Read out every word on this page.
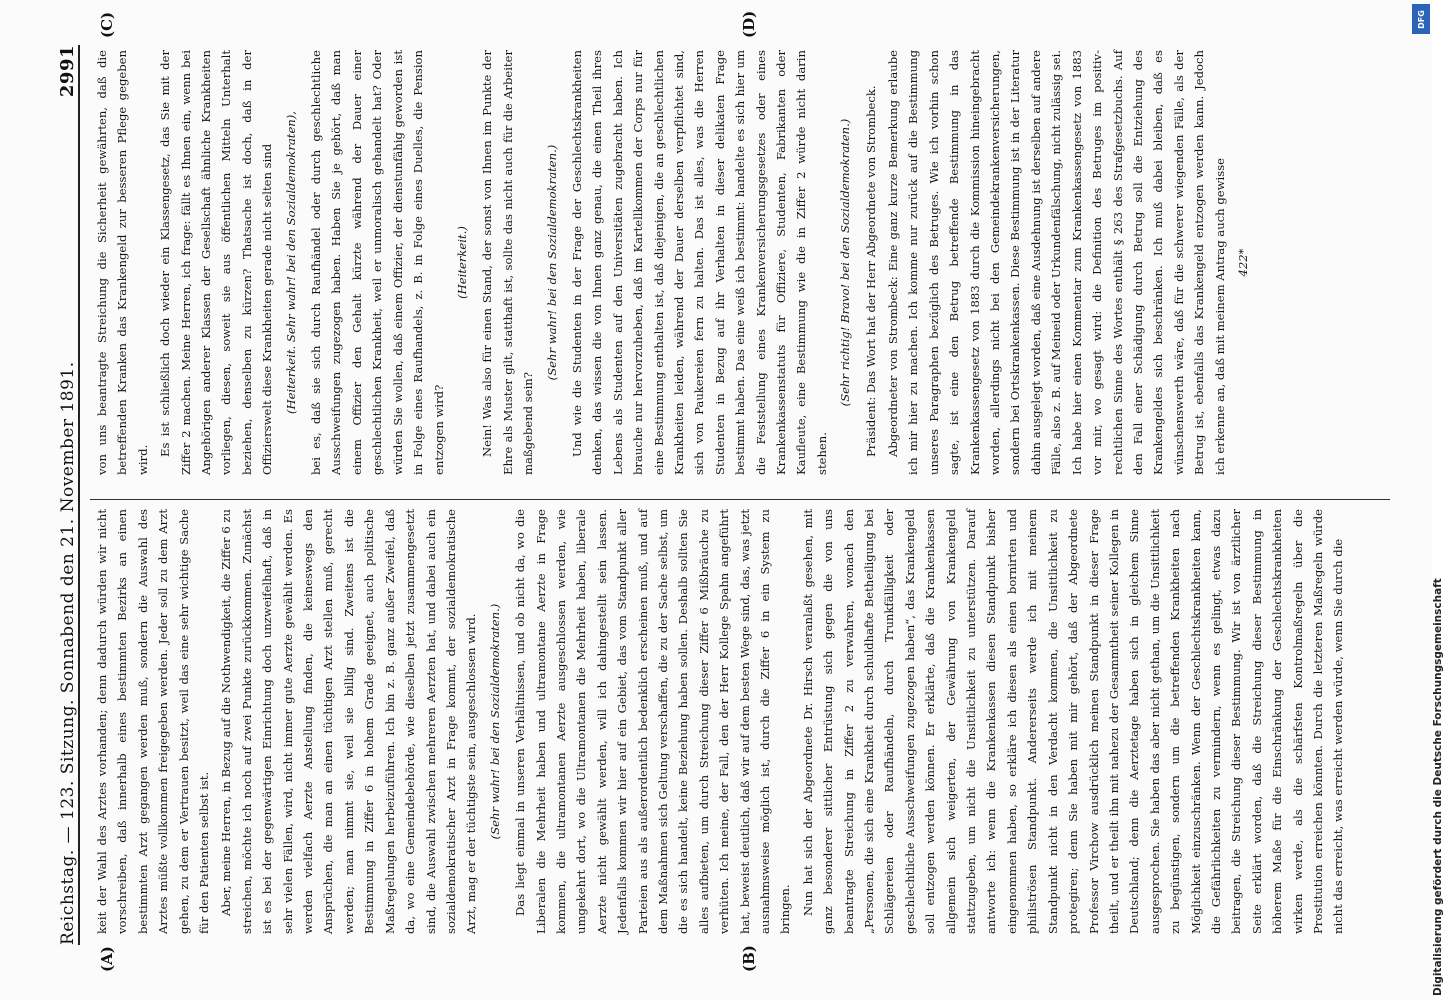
Reichstag. — 123. Sitzung. Sonnabend den 21. November 1891.
2991
(A)	(B)
(C)	(D)

keit der Wahl des Arztes vorhanden; denn dadurch würden wir nicht vorschreiben, daß innerhalb eines bestimmten Bezirks an einen bestimmten Arzt gegangen werden muß, sondern die Auswahl des Arztes müßte vollkommen freigegeben werden. Jeder soll zu dem Arzt gehen, zu dem er Vertrauen besitzt, weil das eine sehr wichtige Sache für den Patienten selbst ist. Aber, meine Herren, in Bezug auf die Nothwendigkeit, die Ziffer 6 zu streichen, möchte ich noch auf zwei Punkte zurückkommen. Zunächst ist es bei der gegenwärtigen Einrichtung doch unzweifelhaft, daß in sehr vielen Fällen, wird, nicht immer gute Aerzte gewählt werden. Es werden vielfach Aerzte Anstellung finden, die keineswegs den Ansprüchen, die man an einen tüchtigen Arzt stellen muß, gerecht werden; man nimmt sie, weil sie billig sind. Zweitens ist die Bestimmung in Ziffer 6 in hohem Grade geeignet, auch politische Maßregelungen herbeizuführen. Ich bin z. B. ganz außer Zweifel, daß da, wo eine Gemeindebehörde, wie dieselben jetzt zusammengesetzt sind, die Auswahl zwischen mehreren Aerzten hat, und dabei auch ein sozialdemokratischer Arzt in Frage kommt, der sozialdemokratische Arzt, mag er der tüchtigste sein, ausgeschlossen wird. (Sehr wahr! bei den Sozialdemokraten.) Das liegt einmal in unseren Verhältnissen, und ob nicht da, wo die Liberalen die Mehrheit haben und ultramontane Aerzte in Frage kommen, die ultramontanen Aerzte ausgeschlossen werden, wie umgekehrt dort, wo die Ultramontanen die Mehrheit haben, liberale Aerzte nicht gewählt werden, will ich dahingestellt sein lassen. Jedenfalls kommen wir hier auf ein Gebiet, das vom Standpunkt aller Parteien aus als außerordentlich bedenklich erscheinen muß, und auf dem Maßnahmen sich Geltung verschaffen, die zu der Sache selbst, um die es sich handelt, keine Beziehung haben sollen. Deshalb sollten Sie alles aufbieten, um durch Streichung dieser Ziffer 6 Mißbräuche zu verhüten. Ich meine, der Fall, den der Herr Kollege Spahn angeführt hat, beweist deutlich, daß wir auf dem besten Wege sind, das, was jetzt ausnahmsweise möglich ist, durch die Ziffer 6 in ein System zu bringen. Nun hat sich der Abgeordnete Dr. Hirsch veranlaßt gesehen, mit ganz besonderer sittlicher Entrüstung sich gegen die von uns beantragte Streichung in Ziffer 2 zu verwahren, wonach den „Personen, die sich eine Krankheit durch schuldhafte Betheiligung bei Schlägereien oder Raufhändeln, durch Trunkfälligkeit oder geschlechtliche Ausschweifungen zugezogen haben“, das Krankengeld soll entzogen werden können. Er erklärte, daß die Krankenkassen allgemein sich weigerten, der Gewährung von Krankengeld stattzugeben, um nicht die Unsittlichkeit zu unterstützen. Darauf antworte ich: wenn die Krankenkassen diesen Standpunkt bisher eingenommen haben, so erkläre ich diesen als einen bornirten und philiströsen Standpunkt. Andererseits werde ich mit meinem Standpunkt nicht in den Verdacht kommen, die Unsittlichkeit zu protegiren; denn Sie haben mit mir gehört, daß der Abgeordnete Professor Virchow ausdrücklich meinen Standpunkt in dieser Frage theilt, und er theilt ihn mit nahezu der Gesammtheit seiner Kollegen in Deutschland; denn die Aerztetage haben sich in gleichem Sinne ausgesprochen. Sie haben das aber nicht gethan, um die Unsittlichkeit zu begünstigen, sondern um die betreffenden Krankheiten nach Möglichkeit einzuschränken. Wenn der Geschlechtskrankheiten kann, die Gefährlichkeiten zu vermindern, wenn es gelingt, etwas dazu beitragen, die Streichung dieser Bestimmung. Wir ist von ärztlicher Seite erklärt worden, daß die Streichung dieser Bestimmung in höherem Maße für die Einschränkung der Geschlechtskrankheiten wirken werde, als die schärfsten Kontrolmaßregeln über die Prostitution erreichen könnten. Durch die letzteren Maßregeln würde nicht das erreicht, was erreicht werden würde, wenn Sie durch die

von uns beantragte Streichung die Sicherheit gewährten, daß die betreffenden Kranken das Krankengeld zur besseren Pflege gegeben wird.

Es ist schließlich doch wieder ein Klassengesetz, das Sie mit der Ziffer 2 machen. Meine Herren, ich frage: fällt es Ihnen ein, wenn bei Angehörigen anderer Klassen der Gesellschaft ähnliche Krankheiten vorliegen, diesen, soweit sie aus öffentlichen Mitteln Unterhalt beziehen, denselben zu kürzen? Thatsache ist doch, daß in der Offizierswelt diese Krankheiten gerade nicht selten sind (Heiterkeit. Sehr wahr! bei den Sozialdemokraten), bei es, daß sie sich durch Raufhändel oder durch geschlechtliche Ausschweifungen zugezogen haben. Haben Sie je gehört, daß man einem Offizier den Gehalt kürzte während der Dauer einer geschlechtlichen Krankheit, weil er unmoralisch gehandelt hat? Oder würden Sie wollen, daß einem Offizier, der dienstunfähig geworden ist in Folge eines Raufhandels, z. B. in Folge eines Duelles, die Pension entzogen wird?

(Heiterkeit.) Nein! Was also für einen Stand, der sonst von Ihnen im Punkte der Ehre als Muster gilt, statthaft ist, sollte das nicht auch für die Arbeiter maßgebend sein?

(Sehr wahr! bei den Sozialdemokraten.) Und wie die Studenten in der Frage der Geschlechtskrankheiten denken, das wissen die von Ihnen ganz genau, die einen Theil ihres Lebens als Studenten auf den Universitäten zugebracht haben. Ich brauche nur hervorzuheben, daß im Kartellkommen der Corps nur für eine Bestimmung enthalten ist, daß diejenigen, die an geschlechtlichen Krankheiten leiden, während der Dauer derselben verpflichtet sind, sich von Paukereien fern zu halten. Das ist alles, was die Herren Studenten in Bezug auf ihr Verhalten in dieser delikaten Frage bestimmt haben. Das eine weiß ich bestimmt: handelte es sich hier um die Feststellung eines Krankenversicherungsgesetzes oder eines Krankenkassenstatuts für Offiziere, Studenten, Fabrikanten oder Kaufleute, eine Bestimmung wie die in Ziffer 2 würde nicht darin stehen.

(Sehr richtig! Bravo! bei den Sozialdemokraten.) Präsident: Das Wort hat der Herr Abgeordnete von Strombeck. Abgeordneter von Strombeck: Eine ganz kurze Bemerkung erlaube ich mir hier zu machen. Ich komme nur zurück auf die Bestimmung unseres Paragraphen bezüglich des Betruges. Wie ich vorhin schon sagte, ist eine den Betrug betreffende Bestimmung in das Krankenkassengesetz von 1883 durch die Kommission hineingebracht worden, allerdings nicht bei den Gemeindekrankenversicherungen, sondern bei Ortskrankenkassen. Diese Bestimmung ist in der Literatur dahin ausgelegt worden, daß eine Ausdehnung ist derselben auf andere Fälle, also z. B. auf Meineid oder Urkundenfälschung, nicht zulässig sei. Ich habe hier einen Kommentar zum Krankenkassengesetz von 1883 vor mir, wo gesagt wird: die Definition des Betruges im positiv-rechtlichen Sinne des Wortes enthält § 263 des Strafgesetzbuchs. Auf den Fall einer Schädigung durch Betrug soll die Entziehung des Krankengeldes sich beschränken. Ich muß dabei bleiben, daß es wünschenswerth wäre, daß für die schwerer wiegenden Fälle, als der Betrug ist, ebenfalls das Krankengeld entzogen werden kann. Jedoch ich erkenne an, daß mit meinem Antrag auch gewisse 422*

DFG
Digitalisierung gefördert durch die Deutsche Forschungsgemeinschaft
